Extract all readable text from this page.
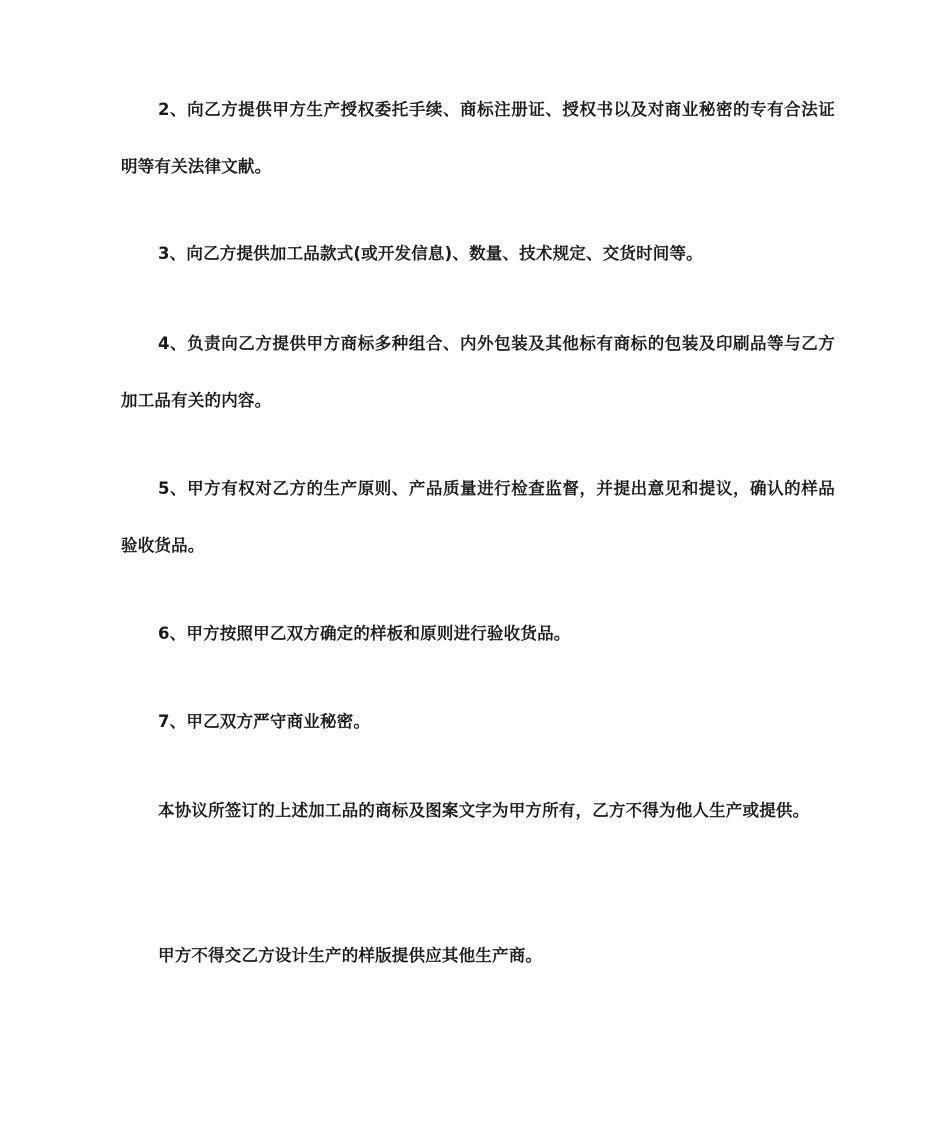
2、向乙方提供甲方生产授权委托手续、商标注册证、授权书以及对商业秘密的专有合法证明等有关法律文献。

3、向乙方提供加工品款式(或开发信息)、数量、技术规定、交货时间等。

4、负责向乙方提供甲方商标多种组合、内外包装及其他标有商标的包装及印刷品等与乙方加工品有关的内容。

5、甲方有权对乙方的生产原则、产品质量进行检查监督，并提出意见和提议，确认的样品验收货品。

6、甲方按照甲乙双方确定的样板和原则进行验收货品。

7、甲乙双方严守商业秘密。

本协议所签订的上述加工品的商标及图案文字为甲方所有，乙方不得为他人生产或提供。

甲方不得交乙方设计生产的样版提供应其他生产商。
